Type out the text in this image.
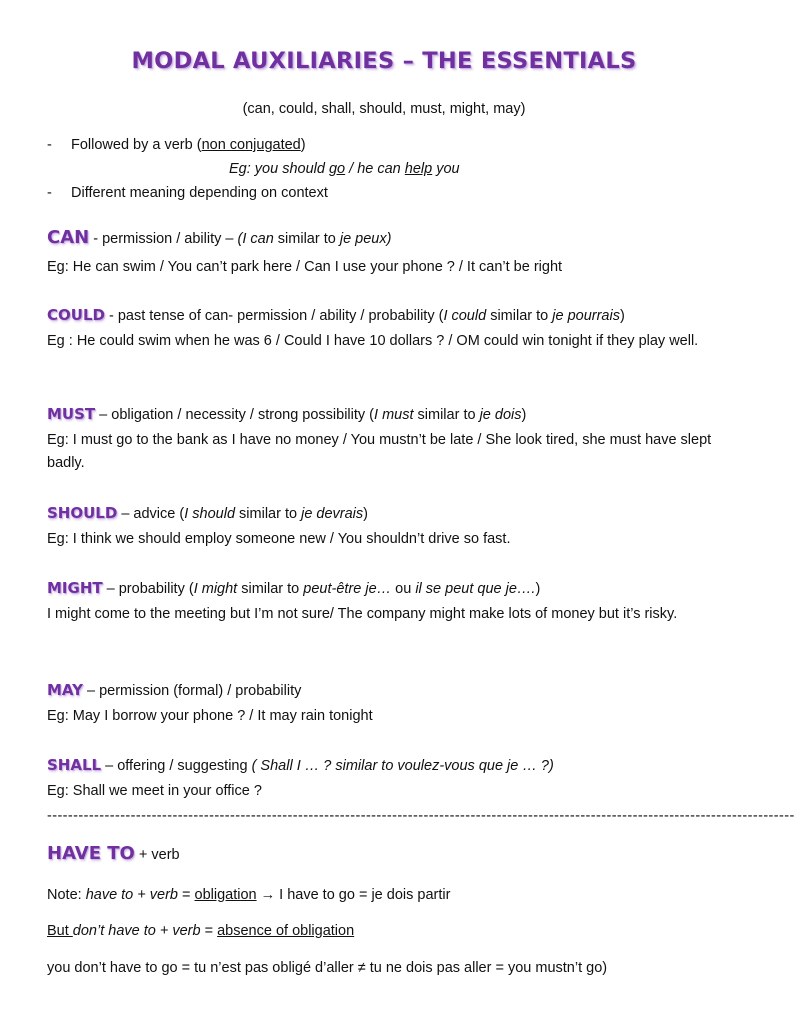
MODAL AUXILIARIES – THE ESSENTIALS
(can, could, shall, should, must, might, may)
- Followed by a verb (non conjugated)
Eg: you should go / he can help you
- Different meaning depending on context
CAN - permission / ability – (I can similar to je peux)
Eg: He can swim / You can’t park here / Can I use your phone ? / It can’t be right
COULD - past tense of can- permission / ability / probability (I could similar to je pourrais)
Eg : He could swim when he was 6 / Could I have 10 dollars ? / OM could win tonight if they play well.
MUST – obligation / necessity / strong possibility (I must similar to je dois)
Eg: I must go to the bank as I have no money / You mustn’t be late / She look tired, she must have slept badly.
SHOULD – advice (I should similar to je devrais)
Eg: I think we should employ someone new / You shouldn’t drive so fast.
MIGHT – probability (I might similar to peut-être je… ou il se peut que je….)
I might come to the meeting but I’m not sure/ The company might make lots of money but it’s risky.
MAY – permission (formal) / probability
Eg: May I borrow your phone ? / It may rain tonight
SHALL – offering / suggesting ( Shall I … ? similar to voulez-vous que je … ?)
Eg: Shall we meet in your office ?
-----------------------------------------------------------------------------------------------------------------------------------------------
HAVE TO + verb
Note: have to + verb = obligation → I have to go = je dois partir
But don’t have to + verb = absence of obligation
you don’t have to go = tu n’est pas obligé d’aller ≠ tu ne dois pas aller = you mustn’t go)
